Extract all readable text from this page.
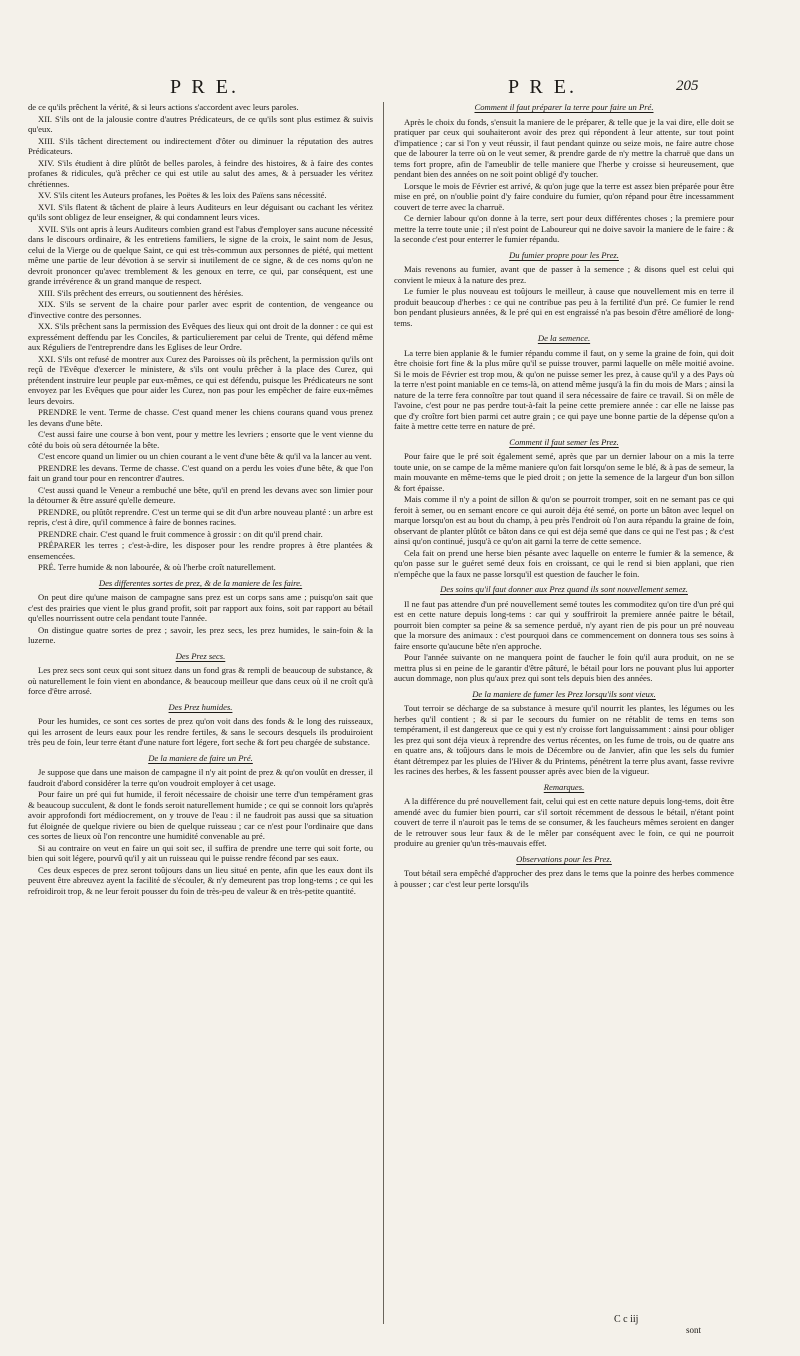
P R E.	P R E.	205

de ce qu'ils prêchent la vérité, & si leurs actions s'accordent avec leurs paroles.

XII. S'ils ont de la jalousie contre d'autres Prédicateurs, de ce qu'ils sont plus estimez & suivis qu'eux.

XIII. S'ils tâchent directement ou indirectement d'ôter ou diminuer la réputation des autres Prédicateurs.

XIV. S'ils étudient à dire plûtôt de belles paroles, à feindre des histoires, & à faire des contes profanes & ridicules, qu'à prêcher ce qui est utile au salut des ames, & à persuader les véritez chrétiennes.

XV. S'ils citent les Auteurs profanes, les Poëtes & les loix des Païens sans nécessité.

XVI. S'ils flatent & tâchent de plaire à leurs Auditeurs en leur déguisant ou cachant les véritez qu'ils sont obligez de leur enseigner, & qui condamnent leurs vices.

XVII. S'ils ont apris à leurs Auditeurs combien grand est l'abus d'employer sans aucune nécessité dans le discours ordinaire, & les entretiens familiers, le signe de la croix, le saint nom de Jesus, celui de la Vierge ou de quelque Saint, ce qui est très-commun aux personnes de piété, qui mettent même une partie de leur dévotion à se servir si inutilement de ce signe, & de ces noms qu'on ne devroit prononcer qu'avec tremblement & les genoux en terre, ce qui, par conséquent, est une grande irrévérence & un grand manque de respect.

XIII. S'ils prêchent des erreurs, ou soutiennent des hérésies.

XIX. S'ils se servent de la chaire pour parler avec esprit de contention, de vengeance ou d'invective contre des personnes.

XX. S'ils prêchent sans la permission des Evêques des lieux qui ont droit de la donner : ce qui est expressément deffendu par les Conciles, & particulierement par celui de Trente, qui défend même aux Réguliers de l'entreprendre dans les Eglises de leur Ordre.

XXI. S'ils ont refusé de montrer aux Curez des Paroisses où ils prêchent, la permission qu'ils ont reçû de l'Evêque d'exercer le ministere, & s'ils ont voulu prêcher à la place des Curez, qui prétendent instruire leur peuple par eux-mêmes, ce qui est défendu, puisque les Prédicateurs ne sont envoyez par les Evêques que pour aider les Curez, non pas pour les empêcher de faire eux-mêmes leurs devoirs.

PRENDRE le vent. Terme de chasse. C'est quand mener les chiens courans quand vous prenez les devans d'une bête.

C'est aussi faire une course à bon vent, pour y mettre les levriers ; ensorte que le vent vienne du côté du bois où sera détournée la bête.

C'est encore quand un limier ou un chien courant a le vent d'une bête & qu'il va la lancer au vent.

PRENDRE les devans. Terme de chasse. C'est quand on a perdu les voies d'une bête, & que l'on fait un grand tour pour en rencontrer d'autres.

C'est aussi quand le Veneur a rembuché une bête, qu'il en prend les devans avec son limier pour la détourner & être assuré qu'elle demeure.

PRENDRE, ou plûtôt reprendre. C'est un terme qui se dit d'un arbre nouveau planté : un arbre est repris, c'est à dire, qu'il commence à faire de bonnes racines.

PRENDRE chair. C'est quand le fruit commence à grossir : on dit qu'il prend chair.

PRÉPARER les terres ; c'est-à-dire, les disposer pour les rendre propres à être plantées & ensemencées.

PRÉ. Terre humide & non labourée, & où l'herbe croît naturellement.

Des differentes sortes de prez, & de la maniere de les faire.

On peut dire qu'une maison de campagne sans prez est un corps sans ame ; puisqu'on sait que c'est des prairies que vient le plus grand profit, soit par rapport aux foins, soit par rapport au bétail qu'elles nourrissent outre cela pendant toute l'année.

On distingue quatre sortes de prez ; savoir, les prez secs, les prez humides, le sain-foin & la luzerne.

Des Prez secs.

Les prez secs sont ceux qui sont situez dans un fond gras & rempli de beaucoup de substance, & où naturellement le foin vient en abondance, & beaucoup meilleur que dans ceux où il ne croît qu'à force d'être arrosé.

Des Prez humides.

Pour les humides, ce sont ces sortes de prez qu'on voit dans des fonds & le long des ruisseaux, qui les arrosent de leurs eaux pour les rendre fertiles, & sans le secours desquels ils produiroient très peu de foin, leur terre étant d'une nature fort légere, fort seche & fort peu chargée de substance.

De la maniere de faire un Pré.

Je suppose que dans une maison de campagne il n'y ait point de prez & qu'on voulût en dresser, il faudroit d'abord considérer la terre qu'on voudroit employer à cet usage.

Pour faire un pré qui fut humide, il feroit nécessaire de choisir une terre d'un tempérament gras & beaucoup succulent, & dont le fonds seroit naturellement humide ; ce qui se connoit lors qu'après avoir approfondi fort médiocrement, on y trouve de l'eau : il ne faudroit pas aussi que sa situation fut éloignée de quelque riviere ou bien de quelque ruisseau ; car ce n'est pour l'ordinaire que dans ces sortes de lieux où l'on rencontre une humidité convenable au pré.

Si au contraire on veut en faire un qui soit sec, il suffira de prendre une terre qui soit forte, ou bien qui soit légere, pourvû qu'il y ait un ruisseau qui le puisse rendre fécond par ses eaux.

Ces deux especes de prez seront toûjours dans un lieu situé en pente, afin que les eaux dont ils peuvent être abreuvez ayent la facilité de s'écouler, & n'y demeurent pas trop long-tems ; ce qui les refroidiroit trop, & ne leur feroit pousser du foin de très-peu de valeur & en très-petite quantité.

Comment il faut préparer la terre pour faire un Pré.

Après le choix du fonds, s'ensuit la maniere de le préparer, & telle que je la vai dire, elle doit se pratiquer par ceux qui souhaiteront avoir des prez qui répondent à leur attente, sur tout point d'impatience ; car si l'on y veut réussir, il faut pendant quinze ou seize mois, ne faire autre chose que de labourer la terre où on le veut semer, & prendre garde de n'y mettre la charruë que dans un tems fort propre, afin de l'ameublir de telle maniere que l'herbe y croisse si heureusement, que pendant bien des années on ne soit point obligé d'y toucher.

Lorsque le mois de Février est arrivé, & qu'on juge que la terre est assez bien préparée pour être mise en pré, on n'oublie point d'y faire conduire du fumier, qu'on répand pour être incessamment couvert de terre avec la charruë.

Ce dernier labour qu'on donne à la terre, sert pour deux différentes choses ; la premiere pour mettre la terre toute unie ; il n'est point de Laboureur qui ne doive savoir la maniere de le faire : & la seconde c'est pour enterrer le fumier répandu.

Du fumier propre pour les Prez.

Mais revenons au fumier, avant que de passer à la semence ; & disons quel est celui qui convient le mieux à la nature des prez.

Le fumier le plus nouveau est toûjours le meilleur, à cause que nouvellement mis en terre il produit beaucoup d'herbes : ce qui ne contribue pas peu à la fertilité d'un pré. Ce fumier le rend bon pendant plusieurs années, & le pré qui en est engraissé n'a pas besoin d'être amélioré de long-tems.

De la semence.

La terre bien applanie & le fumier répandu comme il faut, on y seme la graine de foin, qui doit être choisie fort fine & la plus mûre qu'il se puisse trouver, parmi laquelle on mêle moitié avoine. Si le mois de Février est trop mou, & qu'on ne puisse semer les prez, à cause qu'il y a des Pays où la terre n'est point maniable en ce tems-là, on attend même jusqu'à la fin du mois de Mars ; ainsi la nature de la terre fera connoître par tout quand il sera nécessaire de faire ce travail. Si on mêle de l'avoine, c'est pour ne pas perdre tout-à-fait la peine cette premiere année : car elle ne laisse pas que d'y croître fort bien parmi cet autre grain ; ce qui paye une bonne partie de la dépense qu'on a faite à mettre cette terre en nature de pré.

Comment il faut semer les Prez.

Pour faire que le pré soit également semé, après que par un dernier labour on a mis la terre toute unie, on se campe de la même maniere qu'on fait lorsqu'on seme le blé, & à pas de semeur, la main mouvante en même-tems que le pied droit ; on jette la semence de la largeur d'un bon sillon & fort épaisse.

Mais comme il n'y a point de sillon & qu'on se pourroit tromper, soit en ne semant pas ce qui feroit à semer, ou en semant encore ce qui auroit déja été semé, on porte un bâton avec lequel on marque lorsqu'on est au bout du champ, à peu près l'endroit où l'on aura répandu la graine de foin, observant de planter plûtôt ce bâton dans ce qui est déja semé que dans ce qui ne l'est pas ; & c'est ainsi qu'on continué, jusqu'à ce qu'on ait garni la terre de cette semence.

Cela fait on prend une herse bien pésante avec laquelle on enterre le fumier & la semence, & qu'on passe sur le guéret semé deux fois en croissant, ce qui le rend si bien applani, que rien n'empêche que la faux ne passe lorsqu'il est question de faucher le foin.

Des soins qu'il faut donner aux Prez quand ils sont nouvellement semez.

Il ne faut pas attendre d'un pré nouvellement semé toutes les commoditez qu'on tire d'un pré qui est en cette nature depuis long-tems : car qui y souffriroit la premiere année paitre le bétail, pourroit bien compter sa peine & sa semence perduë, n'y ayant rien de pis pour un pré nouveau que la morsure des animaux : c'est pourquoi dans ce commencement on donnera tous ses soins à faire ensorte qu'aucune bête n'en approche.

Pour l'année suivante on ne manquera point de faucher le foin qu'il aura produit, on ne se mettra plus si en peine de le garantir d'être pâturé, le bétail pour lors ne pouvant plus lui apporter aucun dommage, non plus qu'aux prez qui sont tels depuis bien des années.

De la maniere de fumer les Prez lorsqu'ils sont vieux.

Tout terroir se décharge de sa substance à mesure qu'il nourrit les plantes, les légumes ou les herbes qu'il contient ; & si par le secours du fumier on ne rétablit de tems en tems son tempérament, il est dangereux que ce qui y est n'y croisse fort languissamment : ainsi pour obliger les prez qui sont déja vieux à reprendre des vertus récentes, on les fume de trois, ou de quatre ans en quatre ans, & toûjours dans le mois de Décembre ou de Janvier, afin que les sels du fumier étant détrempez par les pluies de l'Hiver & du Printems, pénétrent la terre plus avant, fasse revivre les racines des herbes, & les fassent pousser après avec bien de la vigueur.

Remarques.

A la différence du pré nouvellement fait, celui qui est en cette nature depuis long-tems, doit être amendé avec du fumier bien pourri, car s'il sortoit récemment de dessous le bétail, n'étant point couvert de terre il n'auroit pas le tems de se consumer, & les faucheurs mêmes seroient en danger de le retrouver sous leur faux & de le mêler par conséquent avec le foin, ce qui ne pourroit produire au grenier qu'un très-mauvais effet.

Observations pour les Prez.

Tout bétail sera empêché d'approcher des prez dans le tems que la poinre des herbes commence à pousser ; car c'est leur perte lorsqu'ils

C c iij
sont
